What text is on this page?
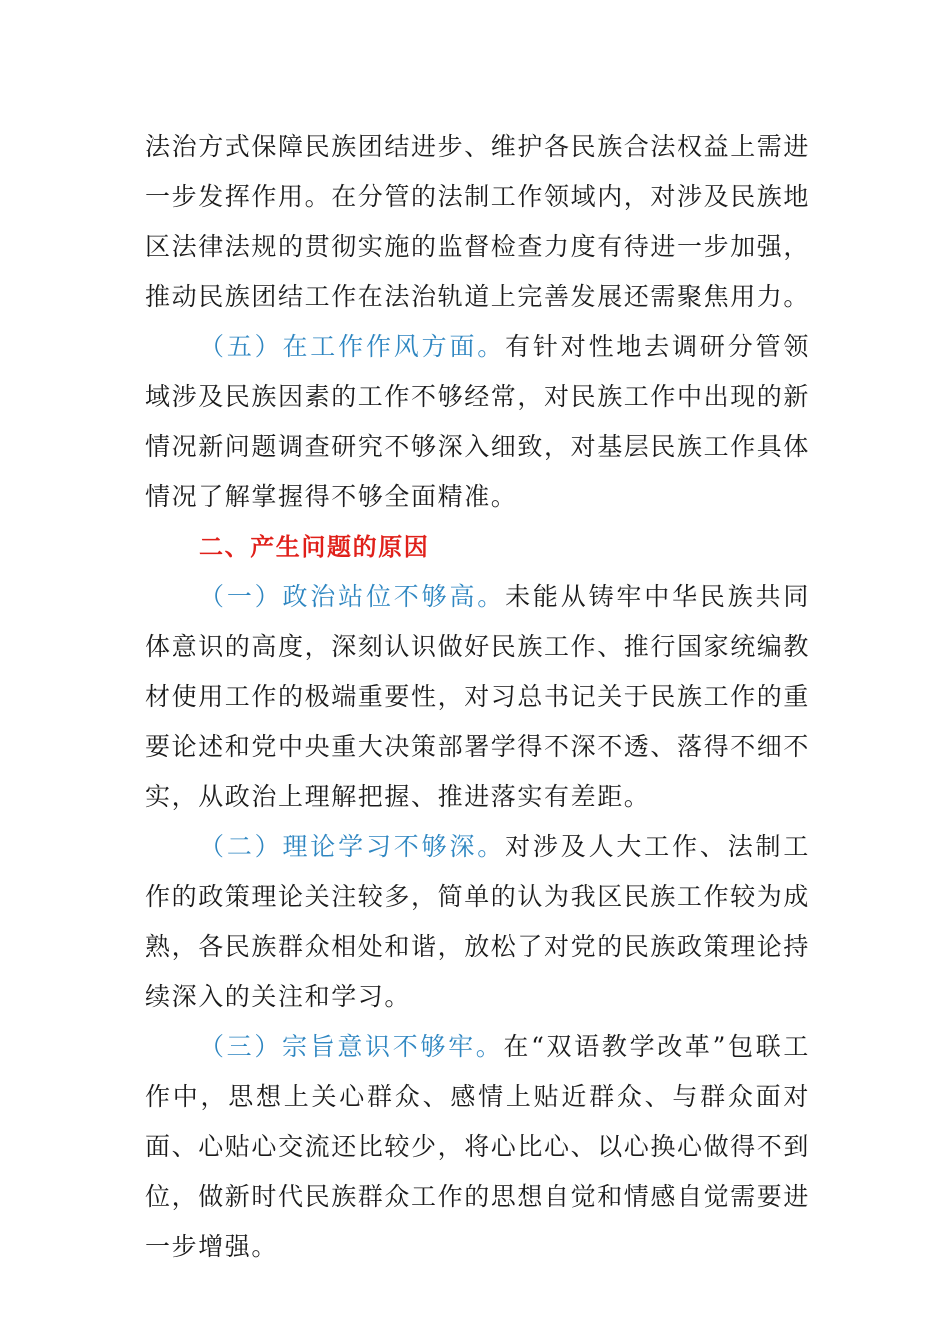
法治方式保障民族团结进步、维护各民族合法权益上需进一步发挥作用。在分管的法制工作领域内，对涉及民族地区法律法规的贯彻实施的监督检查力度有待进一步加强，推动民族团结工作在法治轨道上完善发展还需聚焦用力。

（五）在工作作风方面。有针对性地去调研分管领域涉及民族因素的工作不够经常，对民族工作中出现的新情况新问题调查研究不够深入细致，对基层民族工作具体情况了解掌握得不够全面精准。

二、产生问题的原因

（一）政治站位不够高。未能从铸牢中华民族共同体意识的高度，深刻认识做好民族工作、推行国家统编教材使用工作的极端重要性，对习总书记关于民族工作的重要论述和党中央重大决策部署学得不深不透、落得不细不实，从政治上理解把握、推进落实有差距。

（二）理论学习不够深。对涉及人大工作、法制工作的政策理论关注较多，简单的认为我区民族工作较为成熟，各民族群众相处和谐，放松了对党的民族政策理论持续深入的关注和学习。

（三）宗旨意识不够牢。在“双语教学改革”包联工作中，思想上关心群众、感情上贴近群众、与群众面对面、心贴心交流还比较少，将心比心、以心换心做得不到位，做新时代民族群众工作的思想自觉和情感自觉需要进一步增强。
